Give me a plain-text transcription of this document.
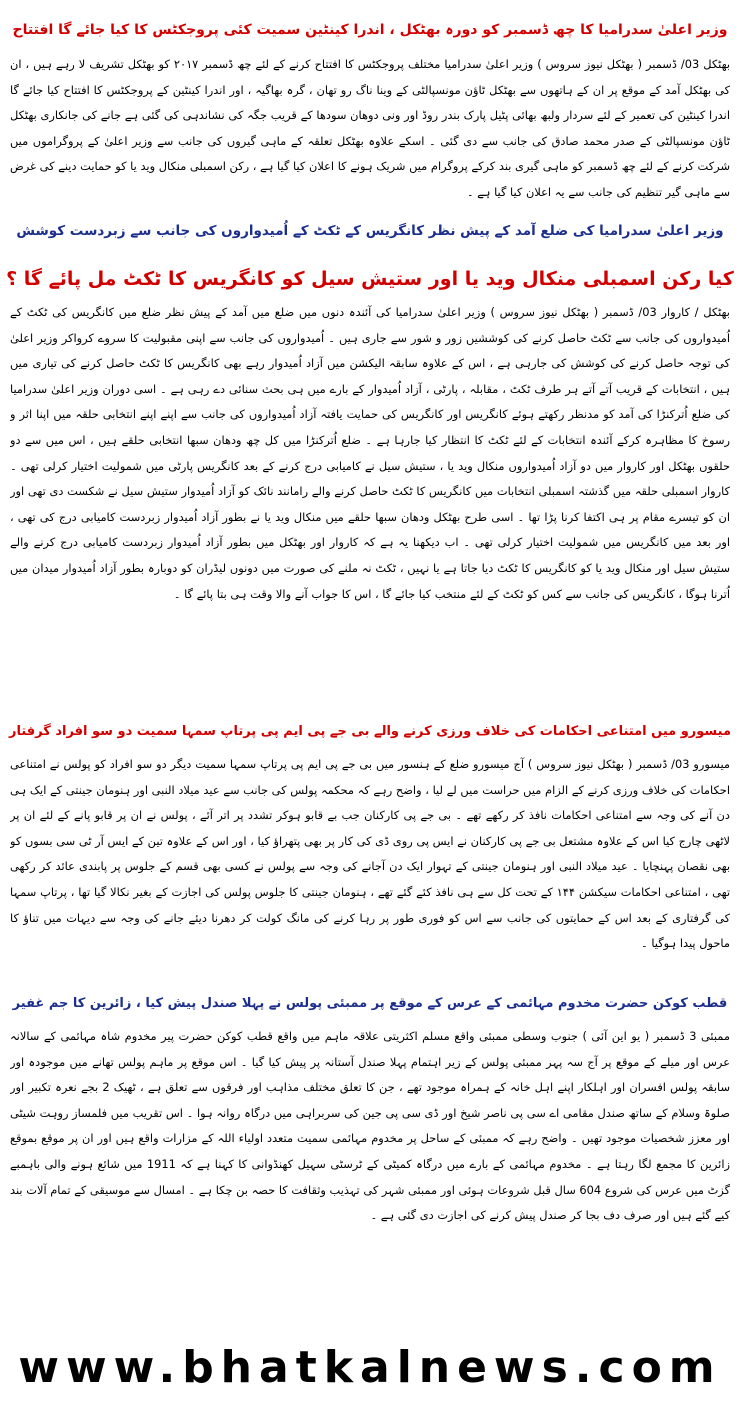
وزیر اعلیٰ سدرامیا کا چھ ڈسمبر کو دورہ بھٹکل ، اندرا کینٹین سمیت کئی پروجکٹس کا کیا جائے گا افتتاح
بھٹکل 03/ ڈسمبر ( بھٹکل نیوز سروس ) وزیر اعلیٰ سدرامیا مختلف پروجکٹس کا افتتاح کرنے کے لئے چھ ڈسمبر ۲۰۱۷ کو بھٹکل تشریف لا رہے ہیں ، ان کی بھٹکل آمد کے موقع پر ان کے ہاتھوں سے بھٹکل ٹاؤن مونسپالٹی کے وینا ناگ رو تھان ، گرہ بھاگیہ ، اور اندرا کینٹین کے پروجکٹس کا افتتاح کیا جائے گا اندرا کینٹین کی تعمیر کے لئے سردار ولبھ بھائی پٹیل پارک بندر روڈ اور ونی دوھان سودھا کے قریب جگہ کی نشاندہی کی گئی ہے جانے کی جانکاری بھٹکل ٹاؤن مونسپالٹی کے صدر محمد صادق کی جانب سے دی گئی ۔ اسکے علاوہ بھٹکل تعلقہ کے ماہی گیروں کی جانب سے وزیر اعلیٰ کے پروگراموں میں شرکت کرنے کے لئے چھ ڈسمبر کو ماہی گیری بند کرکے پروگرام میں شریک ہونے کا اعلان کیا گیا ہے ، رکن اسمبلی منکال وید یا کو حمایت دینے کی غرض سے ماہی گیر تنظیم کی جانب سے یہ اعلان کیا گیا ہے ۔
وزیر اعلیٰ سدرامیا کی ضلع آمد کے پیش نظر کانگریس کے ٹکٹ کے اُمیدواروں کی جانب سے زبردست کوشش
کیا رکن اسمبلی منکال وید یا اور ستیش سیل کو کانگریس کا ٹکٹ مل پائے گا ؟
بھٹکل / کاروار 03/ ڈسمبر ( بھٹکل نیوز سروس ) وزیر اعلیٰ سدرامیا کی آئندہ دنوں میں ضلع میں آمد کے پیش نظر ضلع میں کانگریس کی ٹکٹ کے اُمیدواروں کی جانب سے ٹکٹ حاصل کرنے کی کوششیں زور و شور سے جاری ہیں ۔ اُمیدواروں کی جانب سے اپنی مقبولیت کا سروے کرواکر وزیر اعلیٰ کی توجہ حاصل کرنے کی کوشش کی جارہی ہے ، اس کے علاوہ سابقہ الیکشن میں آزاد اُمیدوار رہے بھی کانگریس کا ٹکٹ حاصل کرنے کی تیاری میں ہیں ، انتخابات کے قریب آتے آتے ہر طرف ٹکٹ ، مقابلہ ، پارٹی ، آزاد اُمیدوار کے بارے میں ہی بحث سنائی دے رہی ہے ۔ اسی دوران وزیر اعلیٰ سدرامیا کی ضلع اُترکنڑا کی آمد کو مدنظر رکھتے ہوئے کانگریس اور کانگریس کی حمایت یافتہ آزاد اُمیدواروں کی جانب سے اپنے اپنے انتخابی حلقہ میں اپنا اثر و رسوخ کا مظاہرہ کرکے آئندہ انتخابات کے لئے ٹکٹ کا انتظار کیا جارہا ہے ۔ ضلع اُترکنڑا میں کل چھ ودھان سبھا انتخابی حلقے ہیں ، اس میں سے دو حلقوں بھٹکل اور کاروار میں دو آزاد اُمیدواروں منکال وید یا ، ستیش سیل نے کامیابی درج کرنے کے بعد کانگریس پارٹی میں شمولیت اختیار کرلی تھی ۔ کاروار اسمبلی حلقہ میں گذشتہ اسمبلی انتخابات میں کانگریس کا ٹکٹ حاصل کرنے والے رامانند نائک کو آزاد اُمیدوار ستیش سیل نے شکست دی تھی اور ان کو تیسرے مقام پر ہی اکتفا کرنا پڑا تھا ۔ اسی طرح بھٹکل ودھان سبھا حلقے میں منکال وید یا نے بطور آزاد اُمیدوار زبردست کامیابی درج کی تھی ، اور بعد میں کانگریس میں شمولیت اختیار کرلی تھی ۔ اب دیکھنا یہ ہے کہ کاروار اور بھٹکل میں بطور آزاد اُمیدوار زبردست کامیابی درج کرنے والے ستیش سیل اور منکال وید یا کو کانگریس کا ٹکٹ دیا جاتا ہے یا نہیں ، ٹکٹ نہ ملنے کی صورت میں دونوں لیڈران کو دوبارہ بطور آزاد اُمیدوار میدان میں اُترنا ہوگا ، کانگریس کی جانب سے کس کو ٹکٹ کے لئے منتخب کیا جائے گا ، اس کا جواب آنے والا وقت ہی بتا پائے گا ۔
میسورو میں امتناعی احکامات کی خلاف ورزی کرنے والے بی جے پی ایم پی پرتاپ سمہا سمیت دو سو افراد گرفتار
میسورو 03/ ڈسمبر ( بھٹکل نیوز سروس ) آج میسورو ضلع کے ہنسور میں بی جے پی ایم پی پرتاپ سمہا سمیت دیگر دو سو افراد کو پولس نے امتناعی احکامات کی خلاف ورزی کرنے کے الزام میں حراست میں لے لیا ، واضح رہے کہ محکمہ پولس کی جانب سے عید میلاد النبی اور ہنومان جینتی کے ایک ہی دن آنے کی وجہ سے امتناعی احکامات نافذ کر رکھے تھے ۔ بی جے پی کارکنان جب بے قابو ہوکر تشدد پر اتر آئے ، پولس نے ان پر قابو پانے کے لئے ان پر لاٹھی چارج کیا اس کے علاوہ مشتعل بی جے پی کارکنان نے ایس پی روی ڈی کی کار پر بھی پتھراؤ کیا ، اور اس کے علاوہ تین کے ایس آر ٹی سی بسوں کو بھی نقصان پہنچایا ۔ عید میلاد النبی اور ہنومان جینتی کے تہوار ایک دن آجانے کی وجہ سے پولس نے کسی بھی قسم کے جلوس پر پابندی عائد کر رکھی تھی ، امتناعی احکامات سیکشن ۱۴۴ کے تحت کل سے ہی نافذ کئے گئے تھے ، ہنومان جینتی کا جلوس پولس کی اجازت کے بغیر نکالا گیا تھا ، پرتاپ سمہا کی گرفتاری کے بعد اس کے حمایتوں کی جانب سے اس کو فوری طور پر رہا کرنے کی مانگ کولت کر دھرنا دیئے جانے کی وجہ سے دیہات میں تناؤ کا ماحول پیدا ہوگیا ۔
قطب کوکن حضرت مخدوم مہائمی کے عرس کے موقع پر ممبئی پولس نے پہلا صندل پیش کیا ، زائرین کا جم غفیر
ممبئی 3 ڈسمبر ( یو این آئی ) جنوب وسطی ممبئی واقع مسلم اکثریتی علاقہ ماہم میں واقع قطب کوکن حضرت پیر مخدوم شاہ مہائمی کے سالانہ عرس اور میلے کے موقع پر آج سہ پہر ممبئی پولس کے زیر اہتمام پہلا صندل آستانہ پر پیش کیا گیا ۔ اس موقع پر ماہم پولس تھانے میں موجودہ اور سابقہ پولس افسران اور اہلکار اپنے اہل خانہ کے ہمراہ موجود تھے ، جن کا تعلق مختلف مذاہب اور فرقوں سے تعلق ہے ، ٹھیک 2 بجے نعرہ تکبیر اور صلوۃ وسلام کے ساتھ صندل مقامی اے سی پی ناصر شیخ اور ڈی سی پی جین کی سربراہی میں درگاہ روانہ ہوا ۔ اس تقریب میں فلمساز روہت شیٹی اور معزز شخصیات موجود تھیں ۔ واضح رہے کہ ممبئی کے ساحل پر مخدوم مہائمی سمیت متعدد اولیاء اللہ کے مزارات واقع ہیں اور ان پر موقع بموقع زائرین کا مجمع لگا رہتا ہے ۔ مخدوم مہائمی کے بارے میں درگاہ کمیٹی کے ٹرسٹی سہیل کھنڈوانی کا کہنا ہے کہ 1911 میں شائع ہونے والی باہمبے گزٹ میں عرس کی شروع 604 سال قبل شروعات ہوئی اور ممبئی شہر کی تہذیب وثقافت کا حصہ بن چکا ہے ۔ امسال سے موسیقی کے تمام آلات بند کیے گئے ہیں اور صرف دف بجا کر صندل پیش کرنے کی اجازت دی گئی ہے ۔
www.bhatkalnews.com
